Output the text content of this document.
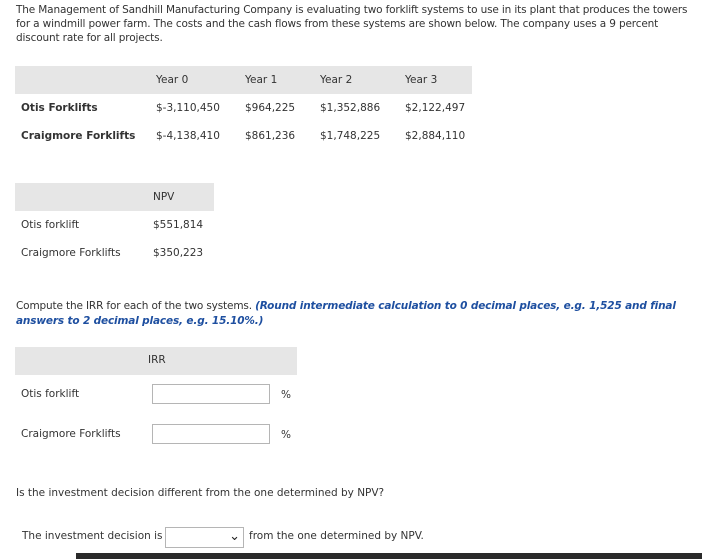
The Management of Sandhill Manufacturing Company is evaluating two forklift systems to use in its plant that produces the towers for a windmill power farm. The costs and the cash flows from these systems are shown below. The company uses a 9 percent discount rate for all projects.
	Year 0	Year 1	Year 2	Year 3
Otis Forklifts	$-3,110,450	$964,225	$1,352,886	$2,122,497
Craigmore Forklifts	$-4,138,410	$861,236	$1,748,225	$2,884,110
	NPV
Otis forklift	$551,814
Craigmore Forklifts	$350,223
Compute the IRR for each of the two systems. (Round intermediate calculation to 0 decimal places, e.g. 1,525 and final answers to 2 decimal places, e.g. 15.10%.)
IRR
Otis forklift	%
Craigmore Forklifts	%
Is the investment decision different from the one determined by NPV?
The investment decision is	⌄ from the one determined by NPV.
